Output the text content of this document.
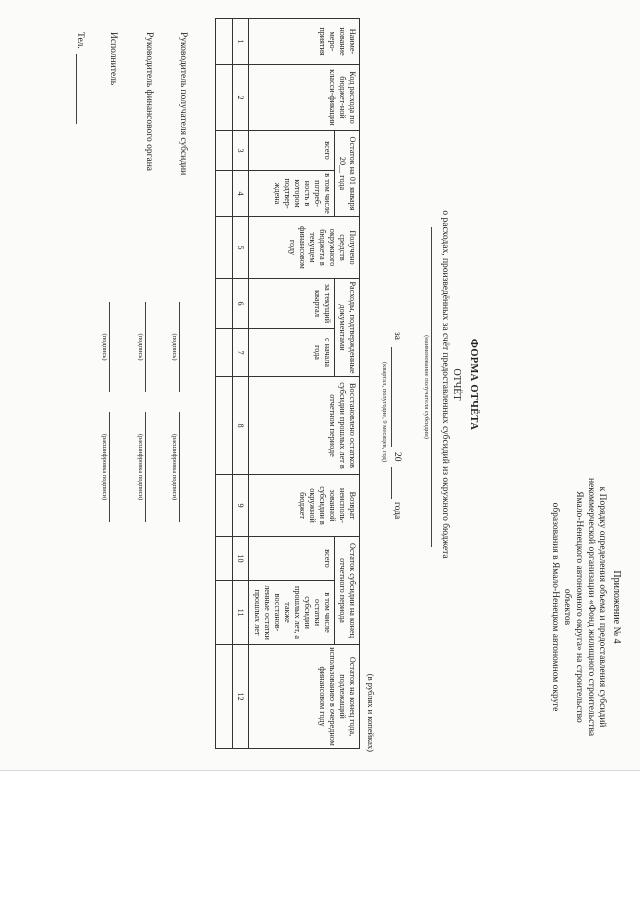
Приложение № 4
к Порядку определения объема и предоставления субсидий
некоммерческой организации «Фонд жилищного строительства
Ямало-Ненецкого автономного округа» на строительство объектов
образования в Ямало-Ненецком автономном округе
ФОРМА ОТЧЁТА
ОТЧЁТ
о расходах, произведённых за счёт предоставленных субсидий из окружного бюджета
(наименование получателя субсидии)
за
20
года
(квартал, полугодие, 9 месяцев, год)
(в рублях и копейках)
Наиме-нование меро-приятия	Код расхода по бюджет-ной класси-фикации	Остаток на 01 января 20__ года		Получено средств окружного бюджета в текущем финансовом году	Расходы, подтвержденные документами		Восстановлено остатков субсидии прошлых лет в отчетном периоде	Возврат неисполь-зованной субсидии в окружной бюджет	Остаток субсидии на конец отчетного периода		Остаток на конец года, подлежащий использованию в очередном финансовом году
		всего	в том числе потреб-ность в котором подтвер-ждена		за текущий квартал	с начала года			всего	в том числе остатки субсидии прошлых лет, а также восстанов-ленные остатки прошлых лет	
1	2	3	4	5	6	7	8	9	10	11	12

Руководитель получателя субсидии
(подпись)
(расшифровка подписи)
Руководитель финансового органа
(подпись)
(расшифровка подписи)
Исполнитель
(подпись)
(расшифровка подписи)
Тел.
